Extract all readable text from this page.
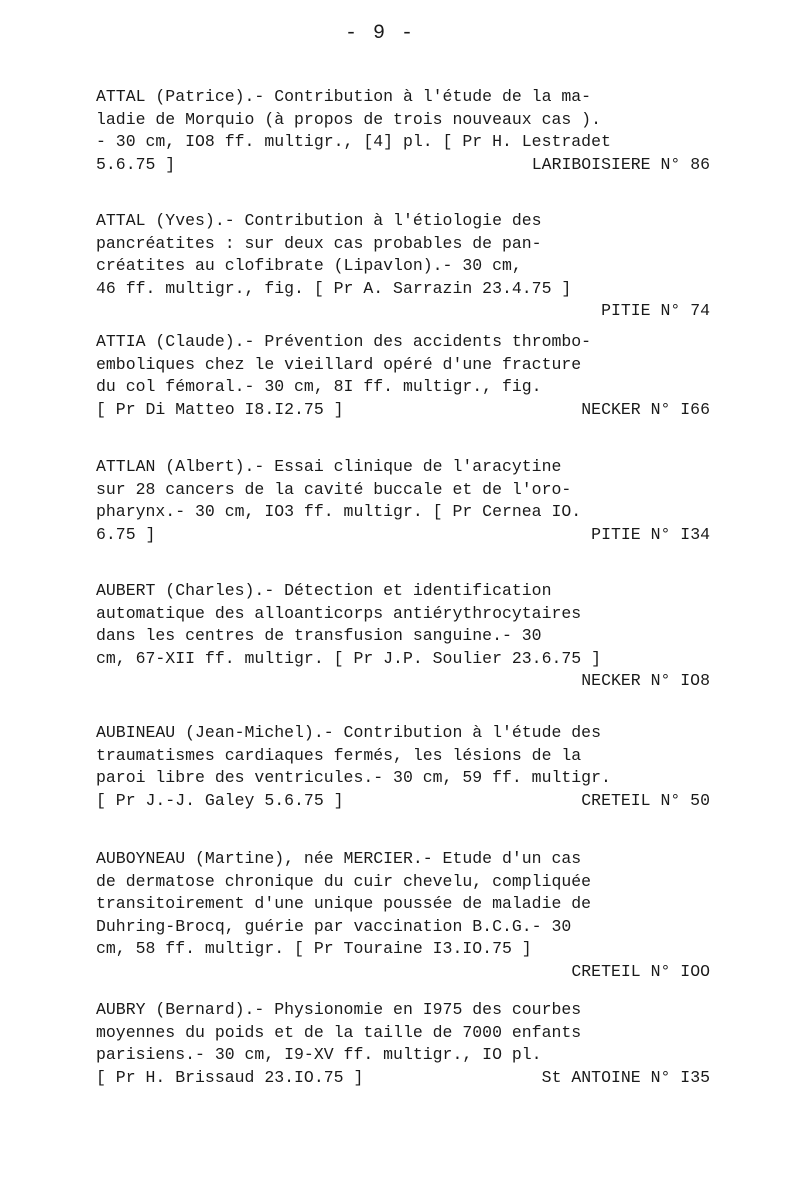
- 9 -
ATTAL (Patrice).- Contribution à l'étude de la ma-
ladie de Morquio (à propos de trois nouveaux cas ).
- 30 cm, IO8 ff. multigr., [4] pl. [ Pr H. Lestradet
5.6.75 ]	LARIBOISIERE N° 86
ATTAL (Yves).- Contribution à l'étiologie des
pancréatites : sur deux cas probables de pan-
créatites au clofibrate (Lipavlon).- 30 cm,
46 ff. multigr., fig. [ Pr A. Sarrazin 23.4.75 ]
PITIE N° 74
ATTIA (Claude).- Prévention des accidents thrombo-
emboliques chez le vieillard opéré d'une fracture
du col fémoral.- 30 cm, 8I ff. multigr., fig.
[ Pr Di Matteo I8.I2.75 ]	NECKER N° I66
ATTLAN (Albert).- Essai clinique de l'aracytine
sur 28 cancers de la cavité buccale et de l'oro-
pharynx.- 30 cm, IO3 ff. multigr. [ Pr Cernea IO.
6.75 ]	PITIE N° I34
AUBERT (Charles).- Détection et identification
automatique des alloanticorps antiérythrocytaires
dans les centres de transfusion sanguine.- 30
cm, 67-XII ff. multigr. [ Pr J.P. Soulier 23.6.75 ]
NECKER N° IO8
AUBINEAU (Jean-Michel).- Contribution à l'étude des
traumatismes cardiaques fermés, les lésions de la
paroi libre des ventricules.- 30 cm, 59 ff. multigr.
[ Pr J.-J. Galey 5.6.75 ]	CRETEIL N° 50
AUBOYNEAU (Martine), née MERCIER.- Etude d'un cas
de dermatose chronique du cuir chevelu, compliquée
transitoirement d'une unique poussée de maladie de
Duhring-Brocq, guérie par vaccination B.C.G.- 30
cm, 58 ff. multigr. [ Pr Touraine I3.IO.75 ]
CRETEIL N° IOO
AUBRY (Bernard).- Physionomie en I975 des courbes
moyennes du poids et de la taille de 7000 enfants
parisiens.- 30 cm, I9-XV ff. multigr., IO pl.
[ Pr H. Brissaud 23.IO.75 ]	St ANTOINE N° I35
